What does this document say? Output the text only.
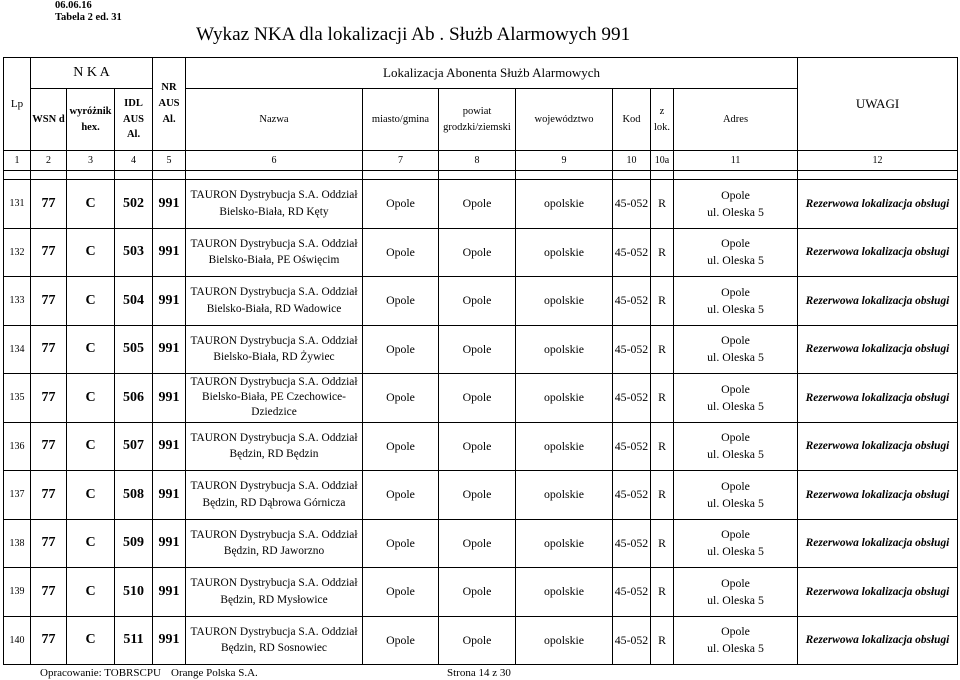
06.06.16
Tabela 2 ed. 31
Wykaz NKA dla lokalizacji Ab . Służb Alarmowych 991
Lp	N K A			NR
AUS
Al.	Lokalizacja Abonenta Służb Alarmowych							UWAGI
	WSN d	wyróżnik
hex.	IDL
AUS
Al.		Nazwa	miasto/gmina	powiat
grodzki/ziemski	województwo	Kod	z
lok.	Adres	
1	2	3	4	5	6	7	8	9	10	10a	11	12

131	77	C	502	991	TAURON Dystrybucja S.A. Oddział
Bielsko-Biała, RD Kęty	Opole	Opole	opolskie	45-052	R	Opole
ul. Oleska 5	Rezerwowa lokalizacja obsługi
132	77	C	503	991	TAURON Dystrybucja S.A. Oddział
Bielsko-Biała, PE Oświęcim	Opole	Opole	opolskie	45-052	R	Opole
ul. Oleska 5	Rezerwowa lokalizacja obsługi
133	77	C	504	991	TAURON Dystrybucja S.A. Oddział
Bielsko-Biała, RD Wadowice	Opole	Opole	opolskie	45-052	R	Opole
ul. Oleska 5	Rezerwowa lokalizacja obsługi
134	77	C	505	991	TAURON Dystrybucja S.A. Oddział
Bielsko-Biała, RD Żywiec	Opole	Opole	opolskie	45-052	R	Opole
ul. Oleska 5	Rezerwowa lokalizacja obsługi
135	77	C	506	991	TAURON Dystrybucja S.A. Oddział
Bielsko-Biała, PE Czechowice-
Dziedzice	Opole	Opole	opolskie	45-052	R	Opole
ul. Oleska 5	Rezerwowa lokalizacja obsługi
136	77	C	507	991	TAURON Dystrybucja S.A. Oddział
Będzin, RD Będzin	Opole	Opole	opolskie	45-052	R	Opole
ul. Oleska 5	Rezerwowa lokalizacja obsługi
137	77	C	508	991	TAURON Dystrybucja S.A. Oddział
Będzin, RD Dąbrowa Górnicza	Opole	Opole	opolskie	45-052	R	Opole
ul. Oleska 5	Rezerwowa lokalizacja obsługi
138	77	C	509	991	TAURON Dystrybucja S.A. Oddział
Będzin, RD Jaworzno	Opole	Opole	opolskie	45-052	R	Opole
ul. Oleska 5	Rezerwowa lokalizacja obsługi
139	77	C	510	991	TAURON Dystrybucja S.A. Oddział
Będzin, RD Mysłowice	Opole	Opole	opolskie	45-052	R	Opole
ul. Oleska 5	Rezerwowa lokalizacja obsługi
140	77	C	511	991	TAURON Dystrybucja S.A. Oddział
Będzin, RD Sosnowiec	Opole	Opole	opolskie	45-052	R	Opole
ul. Oleska 5	Rezerwowa lokalizacja obsługi
Opracowanie: TOBRSCPU Orange Polska S.A.	Strona 14 z 30
